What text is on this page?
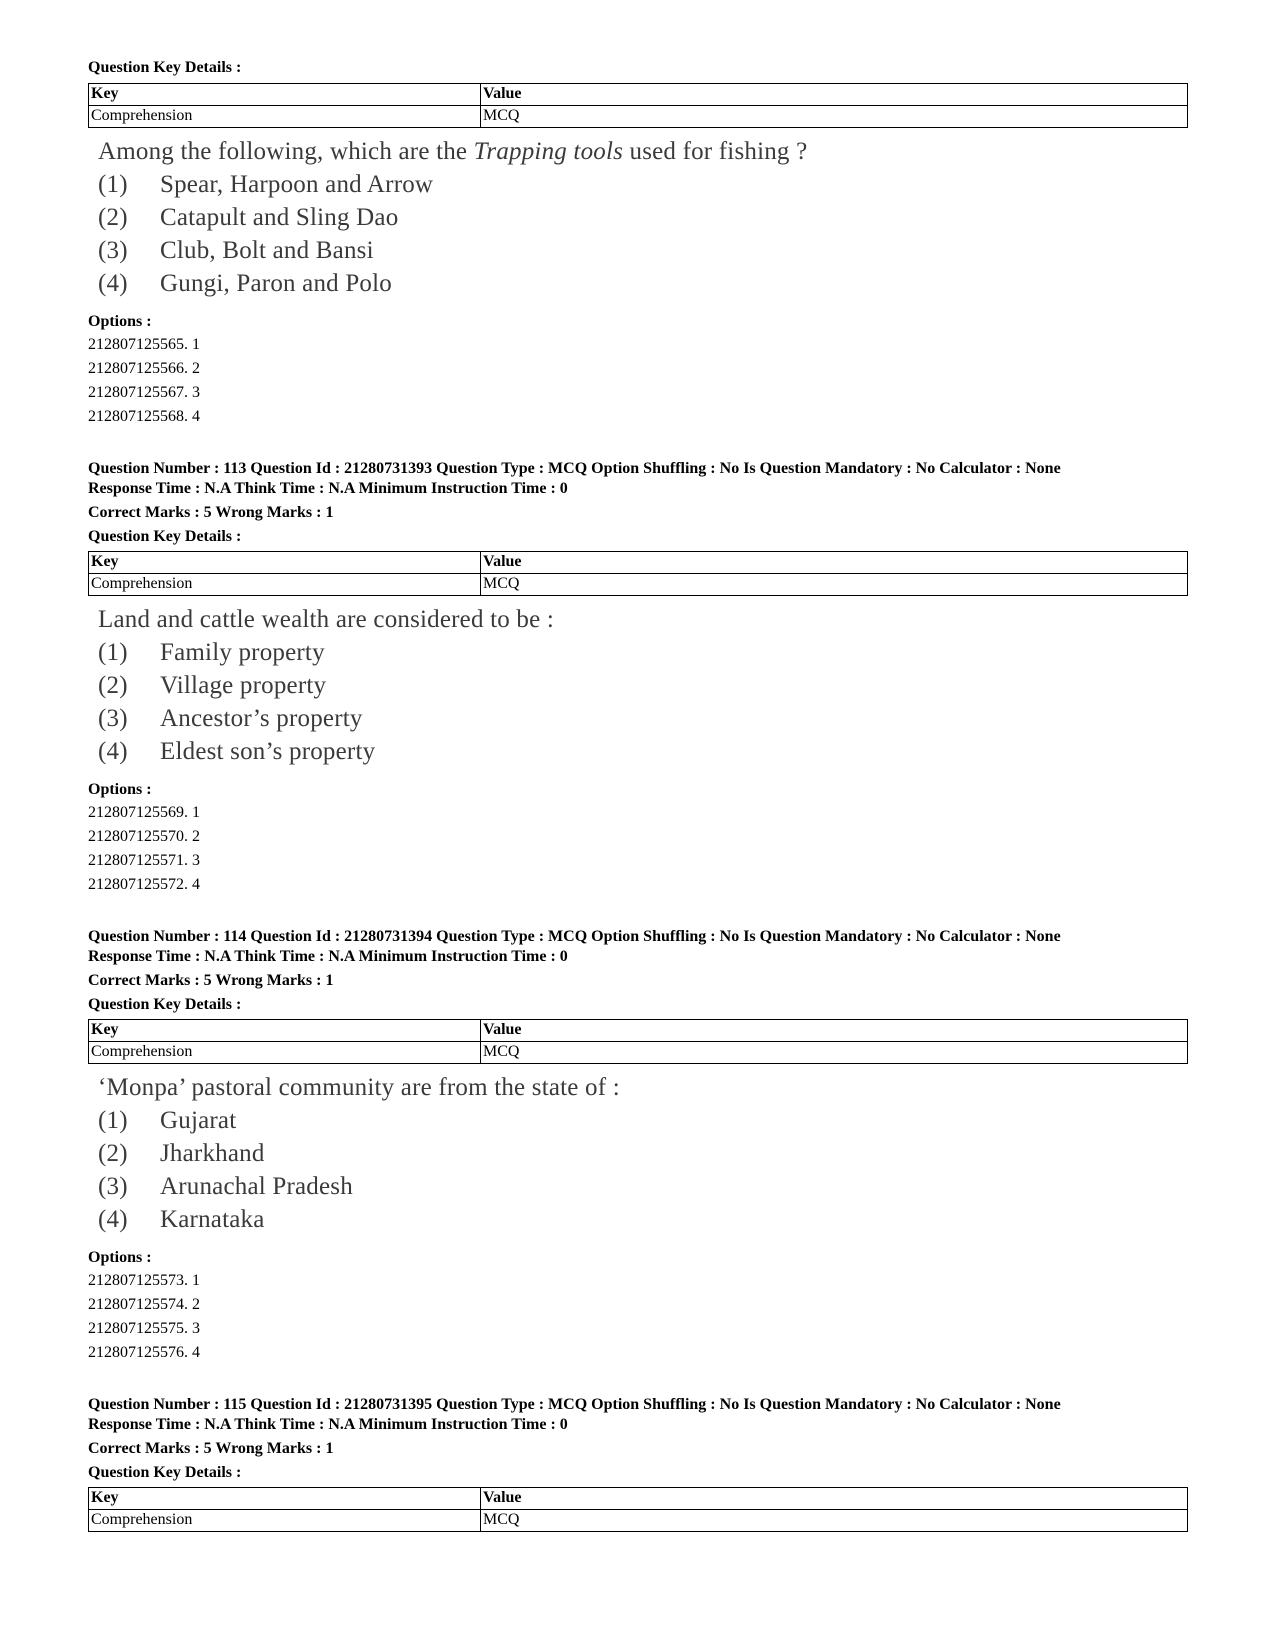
Question Key Details :
Key	Value
Comprehension	MCQ
Among the following, which are the Trapping tools used for fishing ?
(1)	Spear, Harpoon and Arrow
(2)	Catapult and Sling Dao
(3)	Club, Bolt and Bansi
(4)	Gungi, Paron and Polo
Options :
212807125565. 1
212807125566. 2
212807125567. 3
212807125568. 4
Question Number : 113 Question Id : 21280731393 Question Type : MCQ Option Shuffling : No Is Question Mandatory : No Calculator : None
Response Time : N.A Think Time : N.A Minimum Instruction Time : 0
Correct Marks : 5 Wrong Marks : 1
Question Key Details :
Key	Value
Comprehension	MCQ
Land and cattle wealth are considered to be :
(1)	Family property
(2)	Village property
(3)	Ancestor’s property
(4)	Eldest son’s property
Options :
212807125569. 1
212807125570. 2
212807125571. 3
212807125572. 4
Question Number : 114 Question Id : 21280731394 Question Type : MCQ Option Shuffling : No Is Question Mandatory : No Calculator : None
Response Time : N.A Think Time : N.A Minimum Instruction Time : 0
Correct Marks : 5 Wrong Marks : 1
Question Key Details :
Key	Value
Comprehension	MCQ
‘Monpa’ pastoral community are from the state of :
(1)	Gujarat
(2)	Jharkhand
(3)	Arunachal Pradesh
(4)	Karnataka
Options :
212807125573. 1
212807125574. 2
212807125575. 3
212807125576. 4
Question Number : 115 Question Id : 21280731395 Question Type : MCQ Option Shuffling : No Is Question Mandatory : No Calculator : None
Response Time : N.A Think Time : N.A Minimum Instruction Time : 0
Correct Marks : 5 Wrong Marks : 1
Question Key Details :
Key	Value
Comprehension	MCQ
